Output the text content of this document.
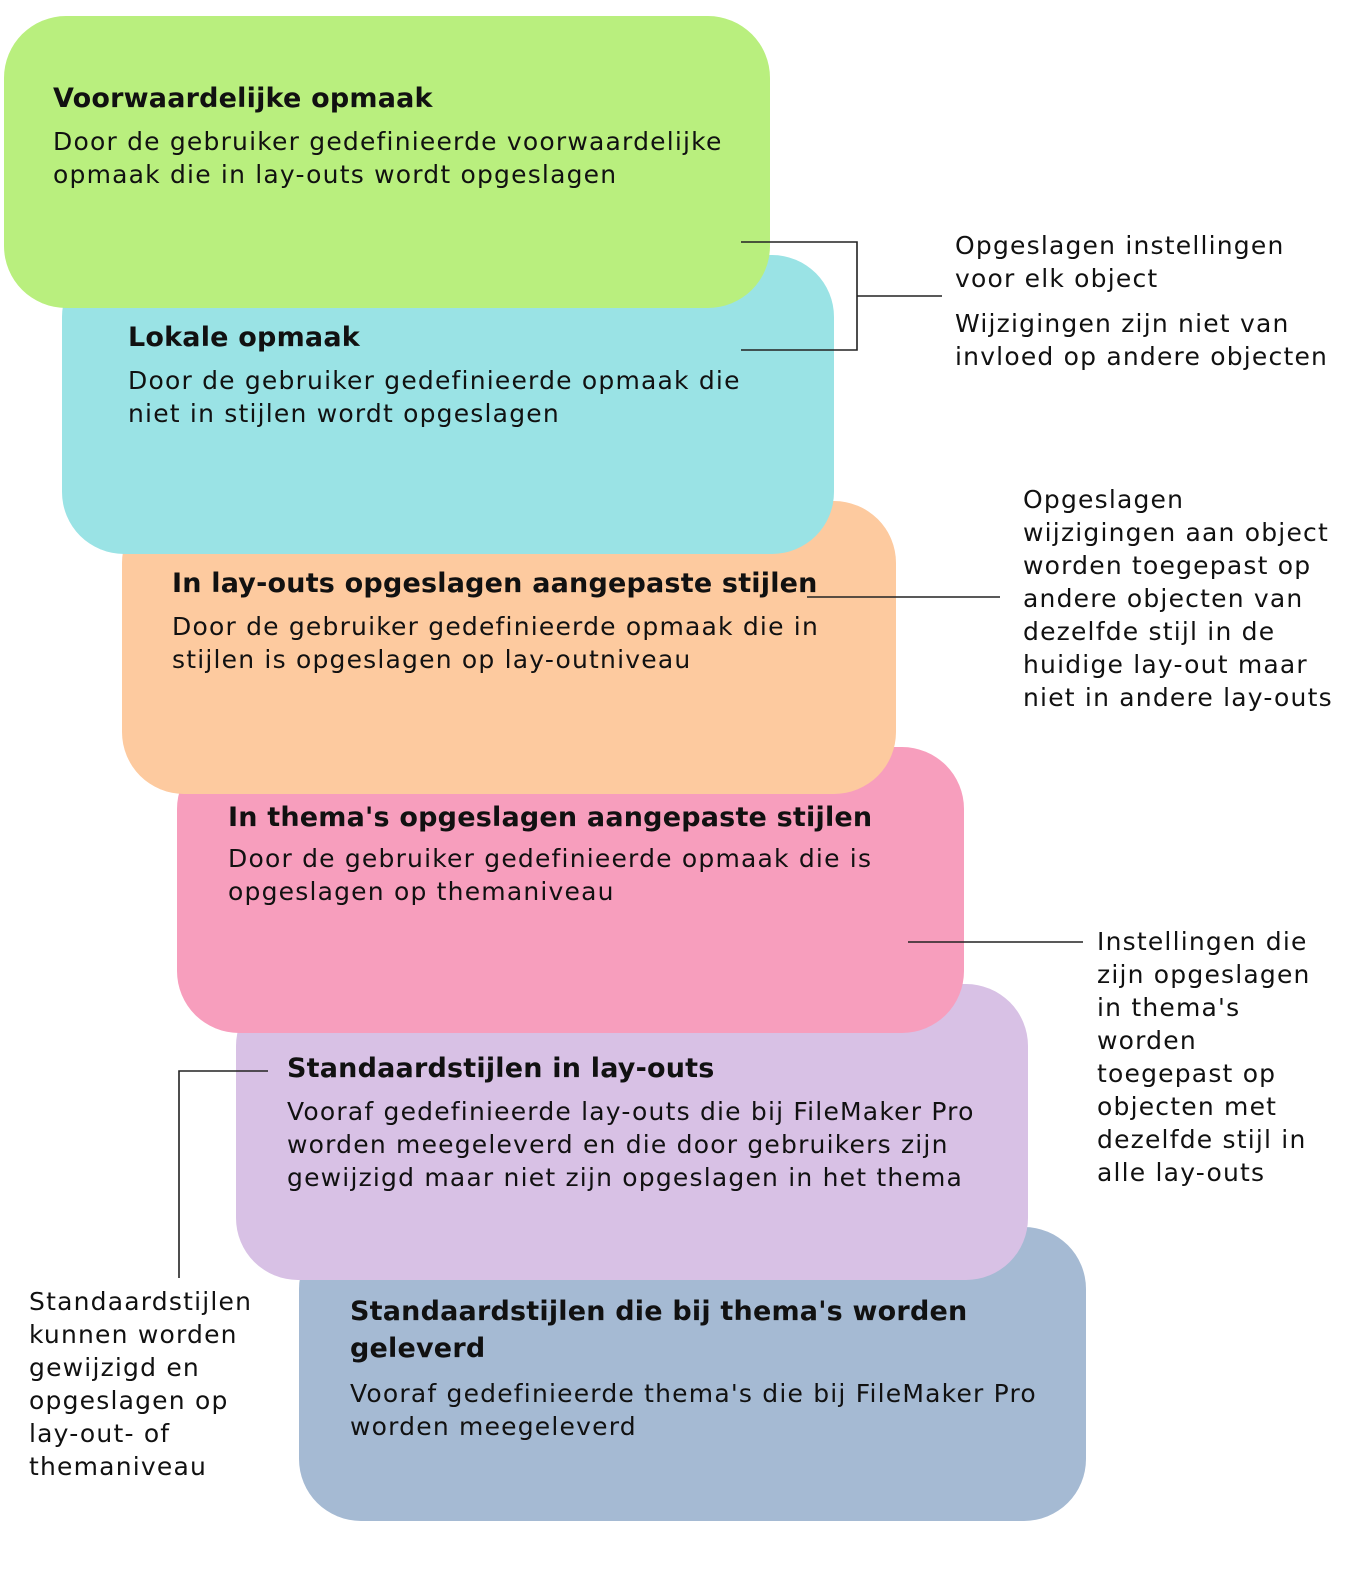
Voorwaardelijke opmaak

Door de gebruiker gedefinieerde voorwaardelijke
opmaak die in lay-outs wordt opgeslagen

Lokale opmaak

Door de gebruiker gedefinieerde opmaak die
niet in stijlen wordt opgeslagen

In lay-outs opgeslagen aangepaste stijlen

Door de gebruiker gedefinieerde opmaak die in
stijlen is opgeslagen op lay-outniveau

In thema's opgeslagen aangepaste stijlen

Door de gebruiker gedefinieerde opmaak die is
opgeslagen op themaniveau

Standaardstijlen in lay-outs

Vooraf gedefinieerde lay-outs die bij FileMaker Pro
worden meegeleverd en die door gebruikers zijn
gewijzigd maar niet zijn opgeslagen in het thema

Standaardstijlen die bij thema's worden geleverd

Vooraf gedefinieerde thema's die bij FileMaker Pro
worden meegeleverd

Opgeslagen instellingen
voor elk object

Wijzigingen zijn niet van
invloed op andere objecten

Opgeslagen
wijzigingen aan object
worden toegepast op
andere objecten van
dezelfde stijl in de
huidige lay-out maar
niet in andere lay-outs

Instellingen die
zijn opgeslagen
in thema's
worden
toegepast op
objecten met
dezelfde stijl in
alle lay-outs

Standaardstijlen
kunnen worden
gewijzigd en
opgeslagen op
lay-out- of
themaniveau
